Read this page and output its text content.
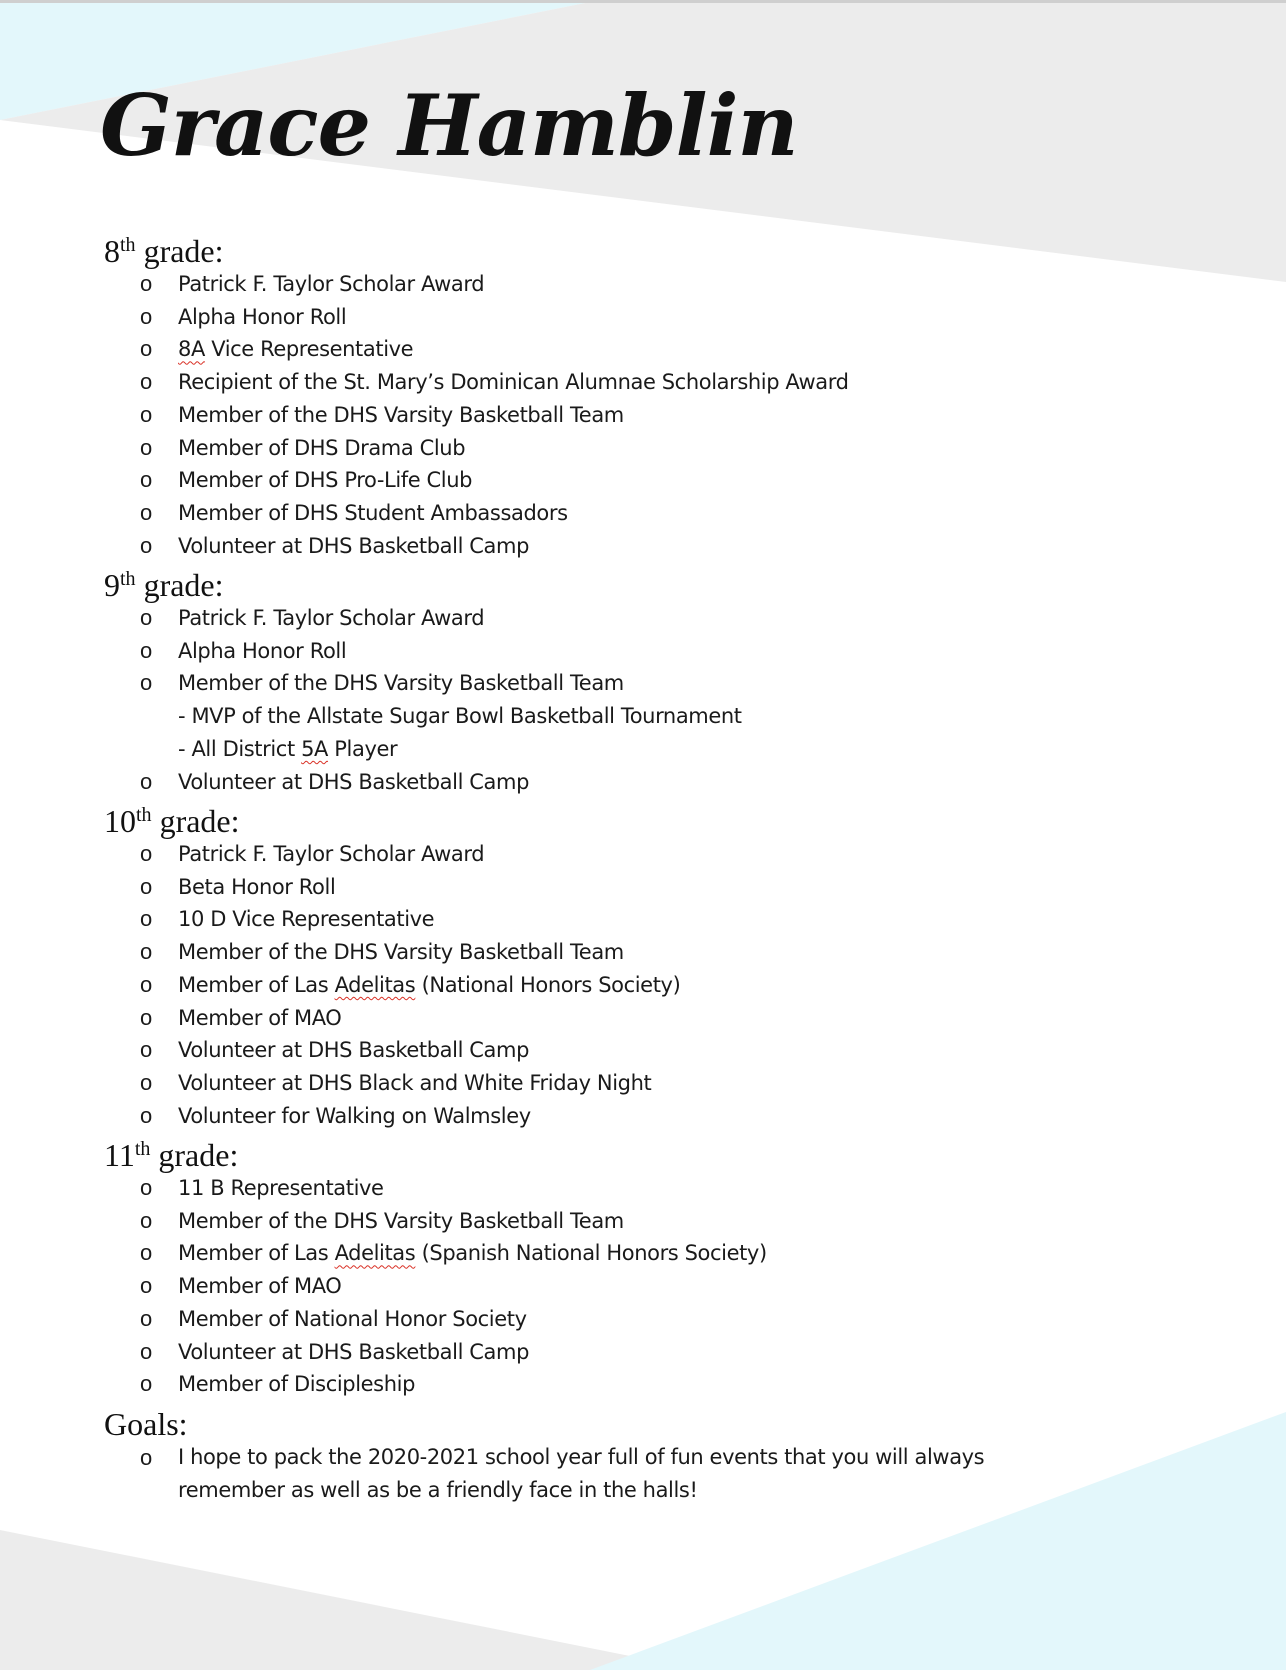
Grace Hamblin
8th grade:
o Patrick F. Taylor Scholar Award
o Alpha Honor Roll
o 8A Vice Representative
o Recipient of the St. Mary’s Dominican Alumnae Scholarship Award
o Member of the DHS Varsity Basketball Team
o Member of DHS Drama Club
o Member of DHS Pro-Life Club
o Member of DHS Student Ambassadors
o Volunteer at DHS Basketball Camp
9th grade:
o Patrick F. Taylor Scholar Award
o Alpha Honor Roll
o Member of the DHS Varsity Basketball Team
- MVP of the Allstate Sugar Bowl Basketball Tournament
- All District 5A Player
o Volunteer at DHS Basketball Camp
10th grade:
o Patrick F. Taylor Scholar Award
o Beta Honor Roll
o 10 D Vice Representative
o Member of the DHS Varsity Basketball Team
o Member of Las Adelitas (National Honors Society)
o Member of MAO
o Volunteer at DHS Basketball Camp
o Volunteer at DHS Black and White Friday Night
o Volunteer for Walking on Walmsley
11th grade:
o 11 B Representative
o Member of the DHS Varsity Basketball Team
o Member of Las Adelitas (Spanish National Honors Society)
o Member of MAO
o Member of National Honor Society
o Volunteer at DHS Basketball Camp
o Member of Discipleship
Goals:
o I hope to pack the 2020-2021 school year full of fun events that you will always remember as well as be a friendly face in the halls!
